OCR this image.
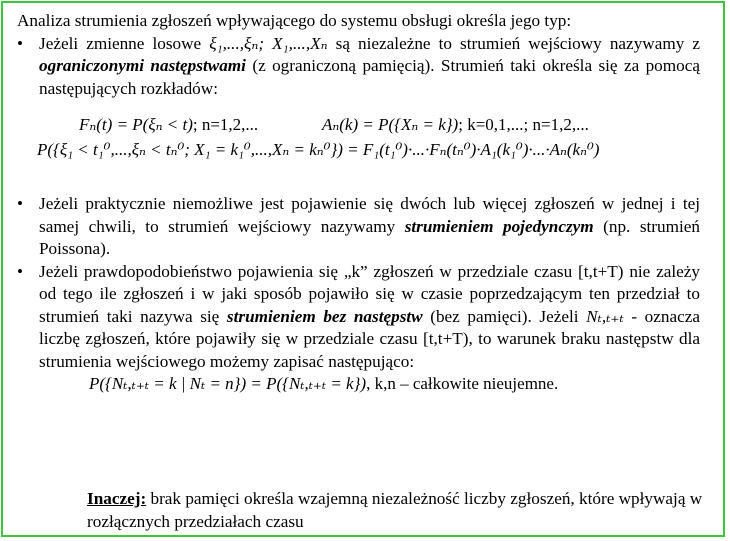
Analiza strumienia zgłoszeń wpływającego do systemu obsługi określa jego typ:

• Jeżeli zmienne losowe ξ₁,...,ξₙ; X₁,...,Xₙ są niezależne to strumień wejściowy nazywamy z ograniczonymi następstwami (z ograniczoną pamięcią). Strumień taki określa się za pomocą następujących rozkładów:

Fₙ(t) = P(ξₙ < t); n=1,2,...	Aₙ(k) = P({Xₙ = k}); k=0,1,...; n=1,2,...
P({ξ₁ < t₁⁰,...,ξₙ < tₙ⁰; X₁ = k₁⁰,...,Xₙ = kₙ⁰}) = F₁(t₁⁰)·...·Fₙ(tₙ⁰)·A₁(k₁⁰)·...·Aₙ(kₙ⁰)

• Jeżeli praktycznie niemożliwe jest pojawienie się dwóch lub więcej zgłoszeń w jednej i tej samej chwili, to strumień wejściowy nazywamy strumieniem pojedynczym (np. strumień Poissona).

• Jeżeli prawdopodobieństwo pojawienia się „k” zgłoszeń w przedziale czasu [t,t+T) nie zależy od tego ile zgłoszeń i w jaki sposób pojawiło się w czasie poprzedzającym ten przedział to strumień taki nazywa się strumieniem bez następstw (bez pamięci). Jeżeli Nₜ,ₜ₊ₜ - oznacza liczbę zgłoszeń, które pojawiły się w przedziale czasu [t,t+T), to warunek braku następstw dla strumienia wejściowego możemy zapisać następująco:

P({Nₜ,ₜ₊ₜ = k | Nₜ = n}) = P({Nₜ,ₜ₊ₜ = k}), k,n – całkowite nieujemne.
Inaczej: brak pamięci określa wzajemną niezależność liczby zgłoszeń, które wpływają w rozłącznych przedziałach czasu
